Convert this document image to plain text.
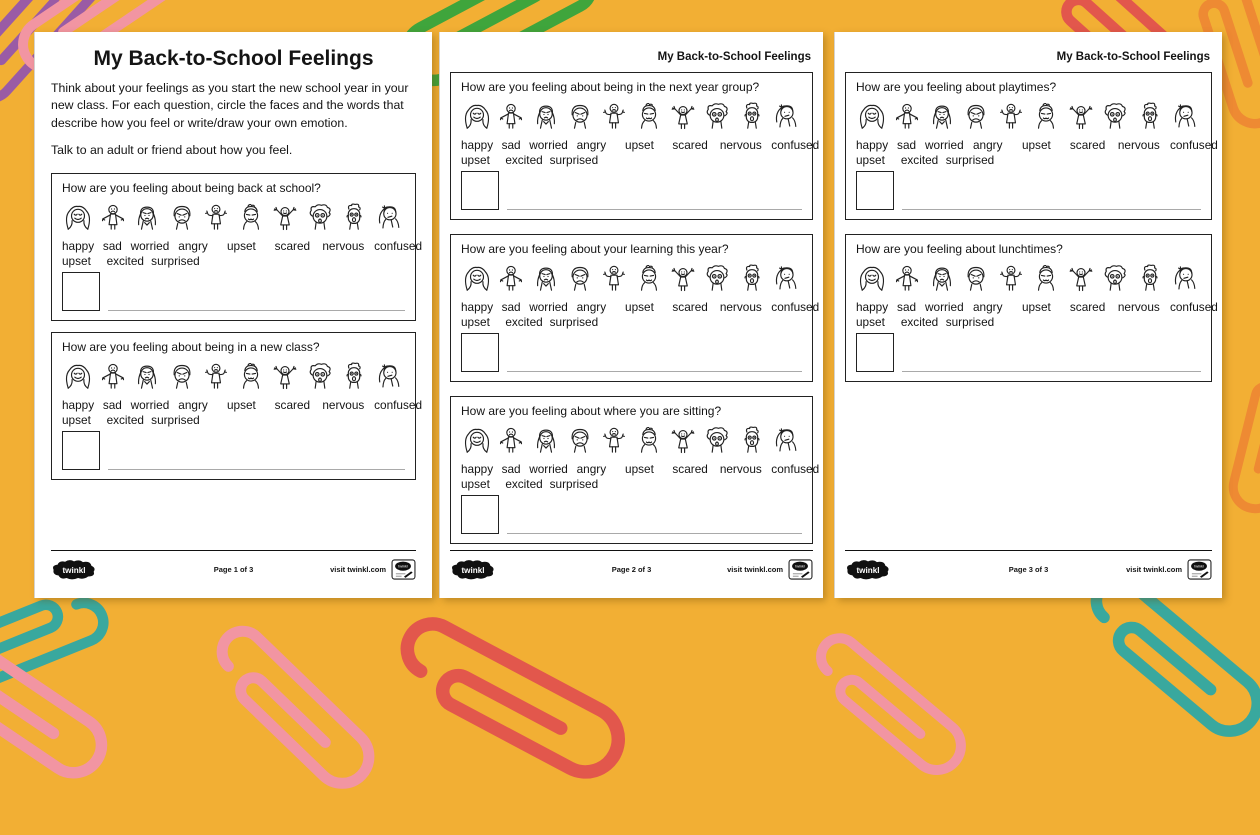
My Back-to-School Feelings

Think about your feelings as you start the new school year in your new class. For each question, circle the faces and the words that describe how you feel or write/draw your own emotion.

Talk to an adult or friend about how you feel.

How are you feeling about being back at school?
happy sad worried angry upset scared nervous confused
upset excited surprised
How are you feeling about being in a new class?
happy sad worried angry upset scared nervous confused
upset excited surprised
twinkl	Page 1 of 3	visit twinkl.com	twinkl
My Back-to-School Feelings
How are you feeling about being in the next year group?
happy sad worried angry upset scared nervous confused
upset excited surprised
How are you feeling about your learning this year?
happy sad worried angry upset scared nervous confused
upset excited surprised
How are you feeling about where you are sitting?
happy sad worried angry upset scared nervous confused
upset excited surprised
twinkl	Page 2 of 3	visit twinkl.com	twinkl
My Back-to-School Feelings
How are you feeling about playtimes?
happy sad worried angry upset scared nervous confused
upset excited surprised
How are you feeling about lunchtimes?
happy sad worried angry upset scared nervous confused
upset excited surprised
twinkl	Page 3 of 3	visit twinkl.com	twinkl
